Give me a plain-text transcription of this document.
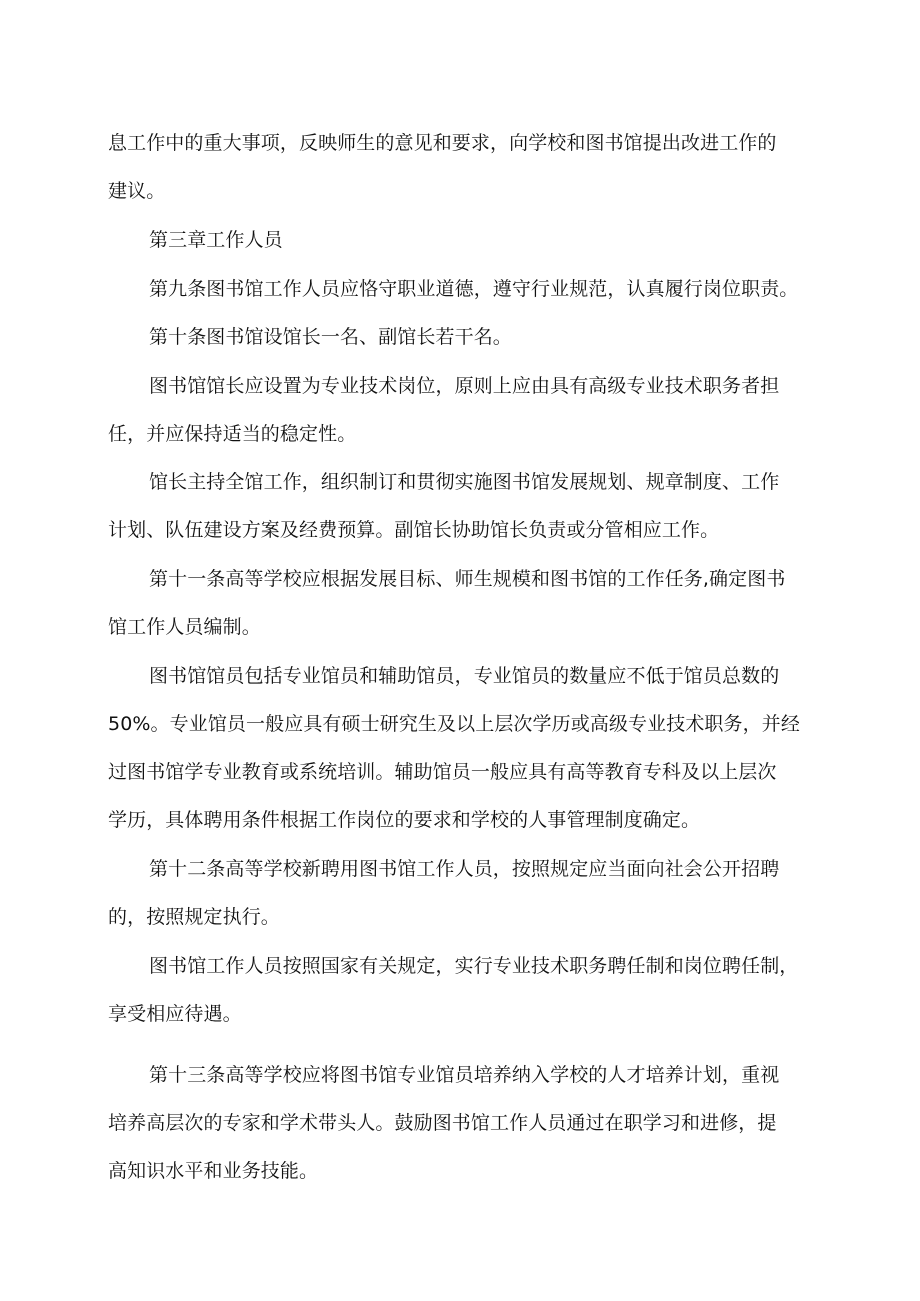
息工作中的重大事项，反映师生的意见和要求，向学校和图书馆提出改进工作的
建议。
第三章工作人员
第九条图书馆工作人员应恪守职业道德，遵守行业规范，认真履行岗位职责。
第十条图书馆设馆长一名、副馆长若干名。
图书馆馆长应设置为专业技术岗位，原则上应由具有高级专业技术职务者担
任，并应保持适当的稳定性。
馆长主持全馆工作，组织制订和贯彻实施图书馆发展规划、规章制度、工作
计划、队伍建设方案及经费预算。副馆长协助馆长负责或分管相应工作。
第十一条高等学校应根据发展目标、师生规模和图书馆的工作任务,确定图书
馆工作人员编制。
图书馆馆员包括专业馆员和辅助馆员，专业馆员的数量应不低于馆员总数的
50%。专业馆员一般应具有硕士研究生及以上层次学历或高级专业技术职务，并经
过图书馆学专业教育或系统培训。辅助馆员一般应具有高等教育专科及以上层次
学历，具体聘用条件根据工作岗位的要求和学校的人事管理制度确定。
第十二条高等学校新聘用图书馆工作人员，按照规定应当面向社会公开招聘
的，按照规定执行。
图书馆工作人员按照国家有关规定，实行专业技术职务聘任制和岗位聘任制，
享受相应待遇。
第十三条高等学校应将图书馆专业馆员培养纳入学校的人才培养计划，重视
培养高层次的专家和学术带头人。鼓励图书馆工作人员通过在职学习和进修，提
高知识水平和业务技能。
